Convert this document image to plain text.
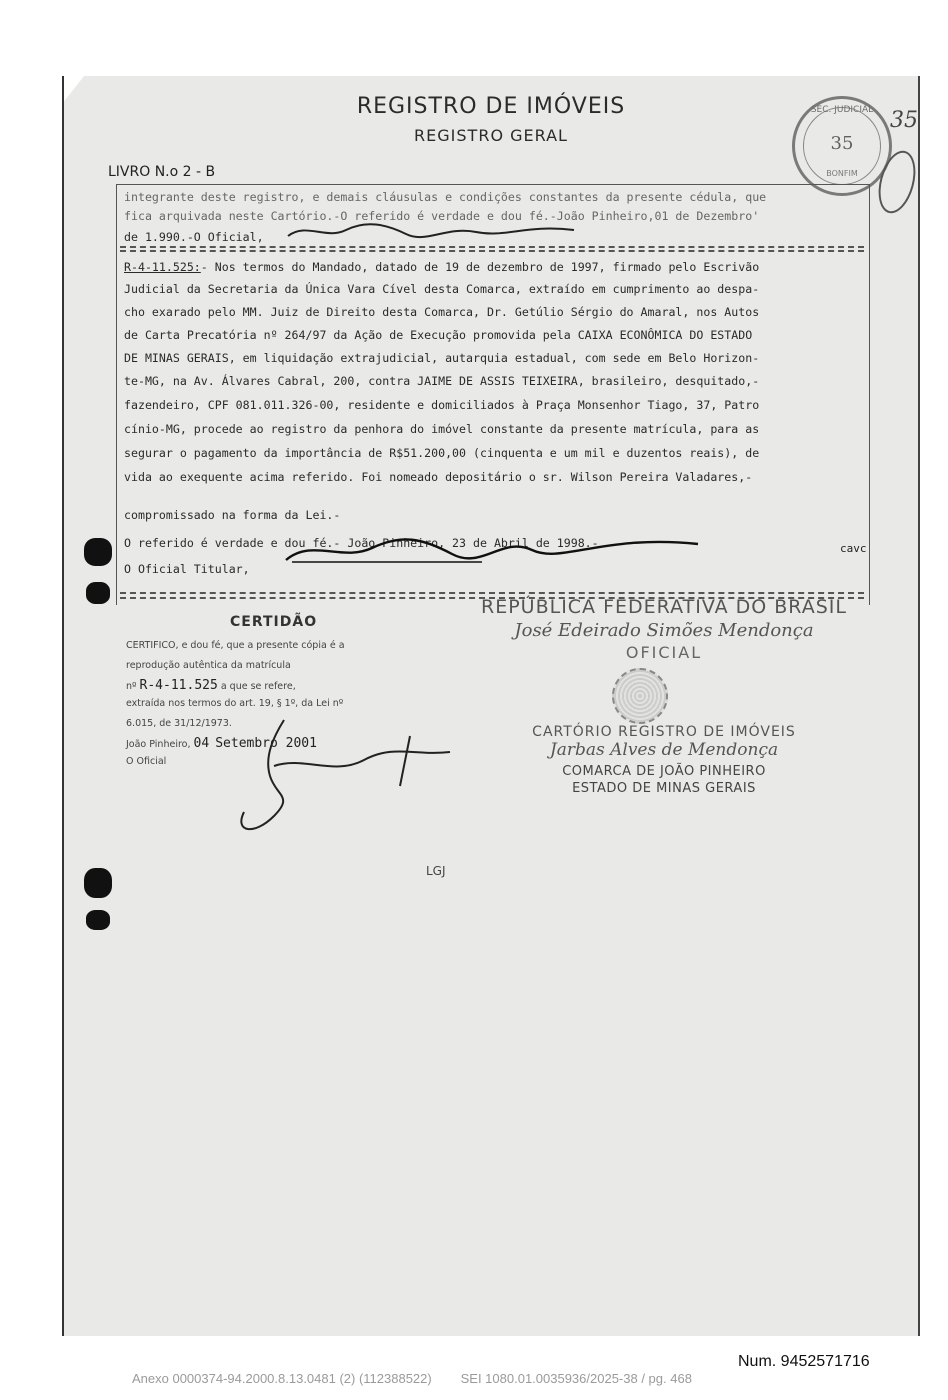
REGISTRO DE IMÓVEIS
REGISTRO GERAL
LIVRO N.o 2 - B
SEC. JUDICIAL
35
BONFIM
35
integrante deste registro, e demais cláusulas e condições constantes da presente cédula, que
fica arquivada neste Cartório.-O referido é verdade e dou fé.-João Pinheiro,01 de Dezembro'
de 1.990.-O Oficial,
R-4-11.525:- Nos termos do Mandado, datado de 19 de dezembro de 1997, firmado pelo Escrivão
Judicial da Secretaria da Única Vara Cível desta Comarca, extraído em cumprimento ao despa-
cho exarado pelo MM. Juiz de Direito desta Comarca, Dr. Getúlio Sérgio do Amaral, nos Autos
de Carta Precatória nº 264/97 da Ação de Execução promovida pela CAIXA ECONÔMICA DO ESTADO
DE MINAS GERAIS, em liquidação extrajudicial, autarquia estadual, com sede em Belo Horizon-
te-MG, na Av. Álvares Cabral, 200, contra JAIME DE ASSIS TEIXEIRA, brasileiro, desquitado,-
fazendeiro, CPF 081.011.326-00, residente e domiciliados à Praça Monsenhor Tiago, 37, Patro
cínio-MG, procede ao registro da penhora do imóvel constante da presente matrícula, para as
segurar o pagamento da importância de R$51.200,00 (cinquenta e um mil e duzentos reais), de
vida ao exequente acima referido. Foi nomeado depositário o sr. Wilson Pereira Valadares,-
compromissado na forma da Lei.-
O referido é verdade e dou fé.- João Pinheiro, 23 de Abril de 1998.-
O Oficial Titular,
cavc
REPÚBLICA FEDERATIVA DO BRASIL
José Edeirado Simões Mendonça
OFICIAL
CARTÓRIO REGISTRO DE IMÓVEIS
Jarbas Alves de Mendonça
COMARCA DE JOÃO PINHEIRO
ESTADO DE MINAS GERAIS
CERTIDÃO
CERTIFICO, e dou fé, que a presente cópia é a
reprodução autêntica da matrícula
nº R-4-11.525 a que se refere,
extraída nos termos do art. 19, § 1º, da Lei nº
6.015, de 31/12/1973.
João Pinheiro, 04 Setembro 2001
O Oficial
LGJ
Num. 9452571716
Anexo 0000374-94.2000.8.13.0481 (2) (112388522)        SEI 1080.01.0035936/2025-38 / pg. 468
